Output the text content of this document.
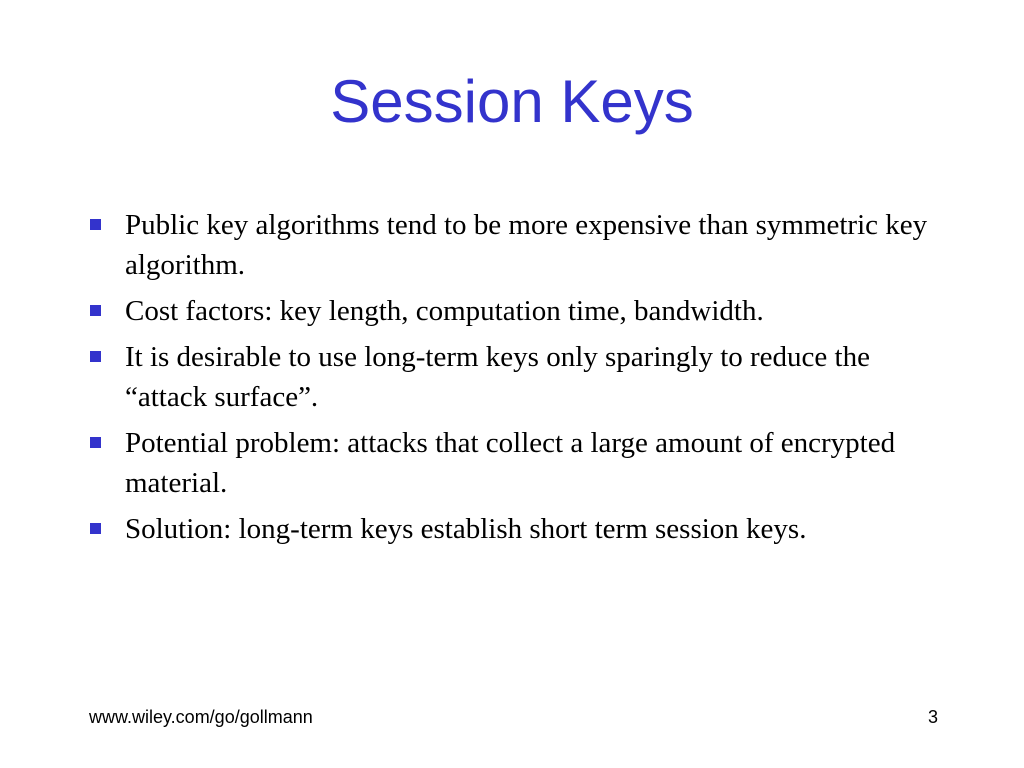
Session Keys
Public key algorithms tend to be more expensive than symmetric key algorithm.
Cost factors: key length, computation time, bandwidth.
It is desirable to use long-term keys only sparingly to reduce the “attack surface”.
Potential problem: attacks that collect a large amount of encrypted material.
Solution: long-term keys establish short term session keys.
www.wiley.com/go/gollmann	3
